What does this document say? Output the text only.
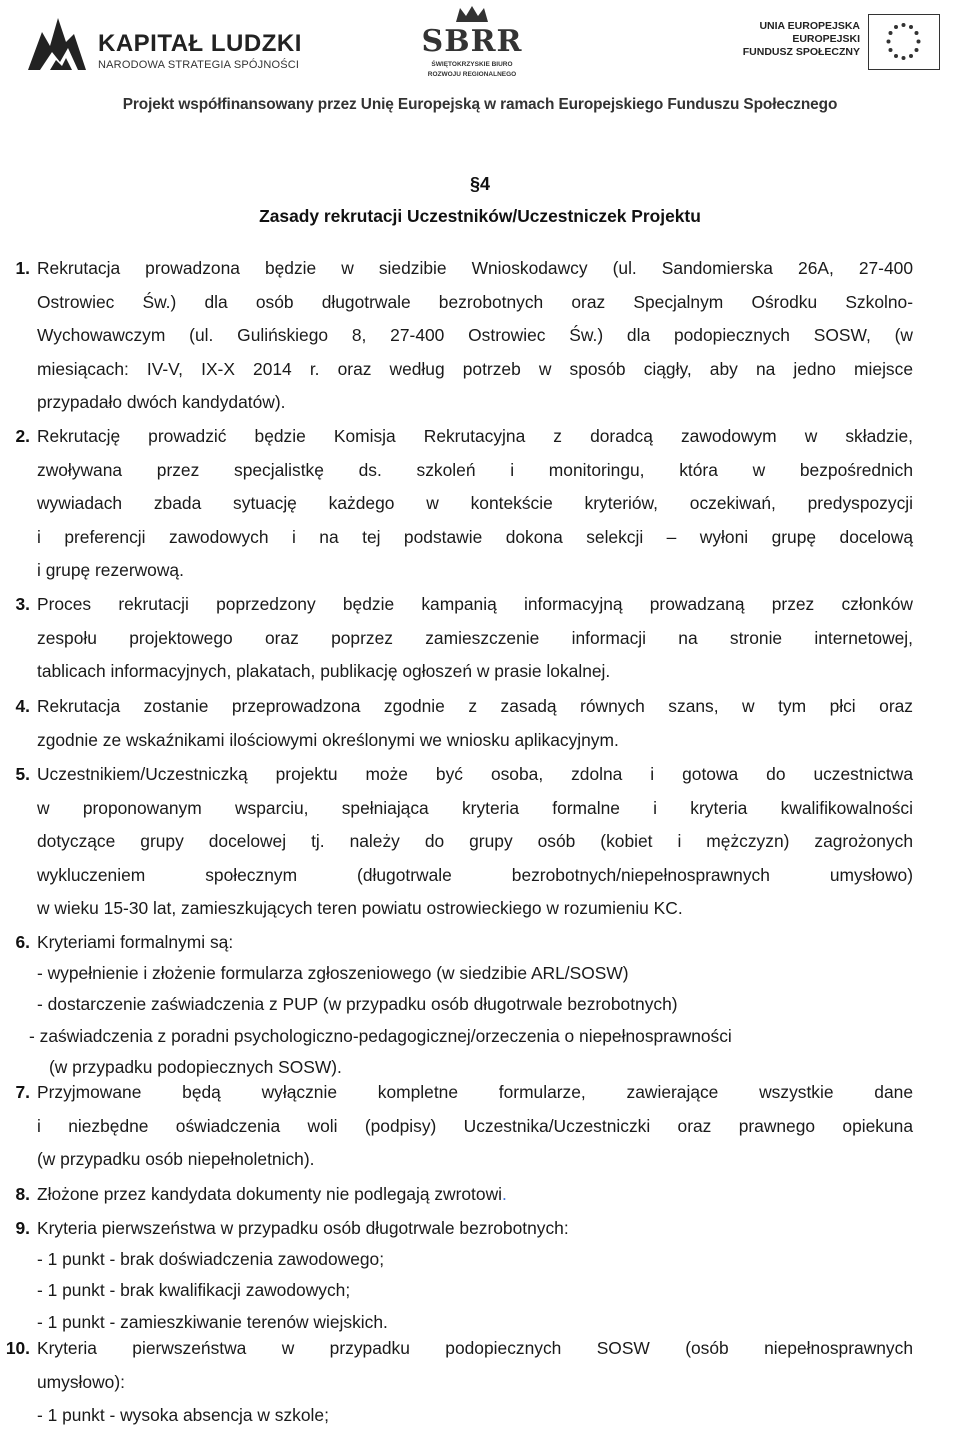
KAPITAŁ LUDZKI
NARODOWA STRATEGIA SPÓJNOŚCI
SBRR
ŚWIĘTOKRZYSKIE BIURO
ROZWOJU REGIONALNEGO
UNIA EUROPEJSKA
EUROPEJSKI
FUNDUSZ SPOŁECZNY
Projekt współfinansowany przez Unię Europejską w ramach Europejskiego Funduszu Społecznego
§4
Zasady rekrutacji Uczestników/Uczestniczek Projektu
1. Rekrutacja prowadzona będzie w siedzibie Wnioskodawcy (ul. Sandomierska 26A, 27-400
Ostrowiec Św.) dla osób długotrwale bezrobotnych oraz Specjalnym Ośrodku Szkolno-
Wychowawczym (ul. Gulińskiego 8, 27-400 Ostrowiec Św.) dla podopiecznych SOSW, (w
miesiącach: IV-V, IX-X 2014 r. oraz według potrzeb w sposób ciągły, aby na jedno miejsce
przypadało dwóch kandydatów).
2. Rekrutację prowadzić będzie Komisja Rekrutacyjna z doradcą zawodowym w składzie,
zwoływana przez specjalistkę ds. szkoleń i monitoringu, która w bezpośrednich
wywiadach zbada sytuację każdego w kontekście kryteriów, oczekiwań, predyspozycji
i preferencji zawodowych i na tej podstawie dokona selekcji – wyłoni grupę docelową
i grupę rezerwową.
3. Proces rekrutacji poprzedzony będzie kampanią informacyjną prowadzaną przez członków
zespołu projektowego oraz poprzez zamieszczenie informacji na stronie internetowej,
tablicach informacyjnych, plakatach, publikację ogłoszeń w prasie lokalnej.
4. Rekrutacja zostanie przeprowadzona zgodnie z zasadą równych szans, w tym płci oraz
zgodnie ze wskaźnikami ilościowymi określonymi we wniosku aplikacyjnym.
5. Uczestnikiem/Uczestniczką projektu może być osoba, zdolna i gotowa do uczestnictwa
w proponowanym wsparciu, spełniająca kryteria formalne i kryteria kwalifikowalności
dotyczące grupy docelowej tj. należy do grupy osób (kobiet i mężczyzn) zagrożonych
wykluczeniem społecznym (długotrwale bezrobotnych/niepełnosprawnych umysłowo)
w wieku 15-30 lat, zamieszkujących teren powiatu ostrowieckiego w rozumieniu KC.
6. Kryteriami formalnymi są:
- wypełnienie i złożenie formularza zgłoszeniowego (w siedzibie ARL/SOSW)
- dostarczenie zaświadczenia z PUP (w przypadku osób długotrwale bezrobotnych)
- zaświadczenia z poradni psychologiczno-pedagogicznej/orzeczenia o niepełnosprawności
(w przypadku podopiecznych SOSW).
7. Przyjmowane będą wyłącznie kompletne formularze, zawierające wszystkie dane
i niezbędne oświadczenia woli (podpisy) Uczestnika/Uczestniczki oraz prawnego opiekuna
(w przypadku osób niepełnoletnich).
8. Złożone przez kandydata dokumenty nie podlegają zwrotowi.
9. Kryteria pierwszeństwa w przypadku osób długotrwale bezrobotnych:
- 1 punkt - brak doświadczenia zawodowego;
- 1 punkt - brak kwalifikacji zawodowych;
- 1 punkt - zamieszkiwanie terenów wiejskich.
10. Kryteria pierwszeństwa w przypadku podopiecznych SOSW (osób niepełnosprawnych
umysłowo):
- 1 punkt - wysoka absencja w szkole;
